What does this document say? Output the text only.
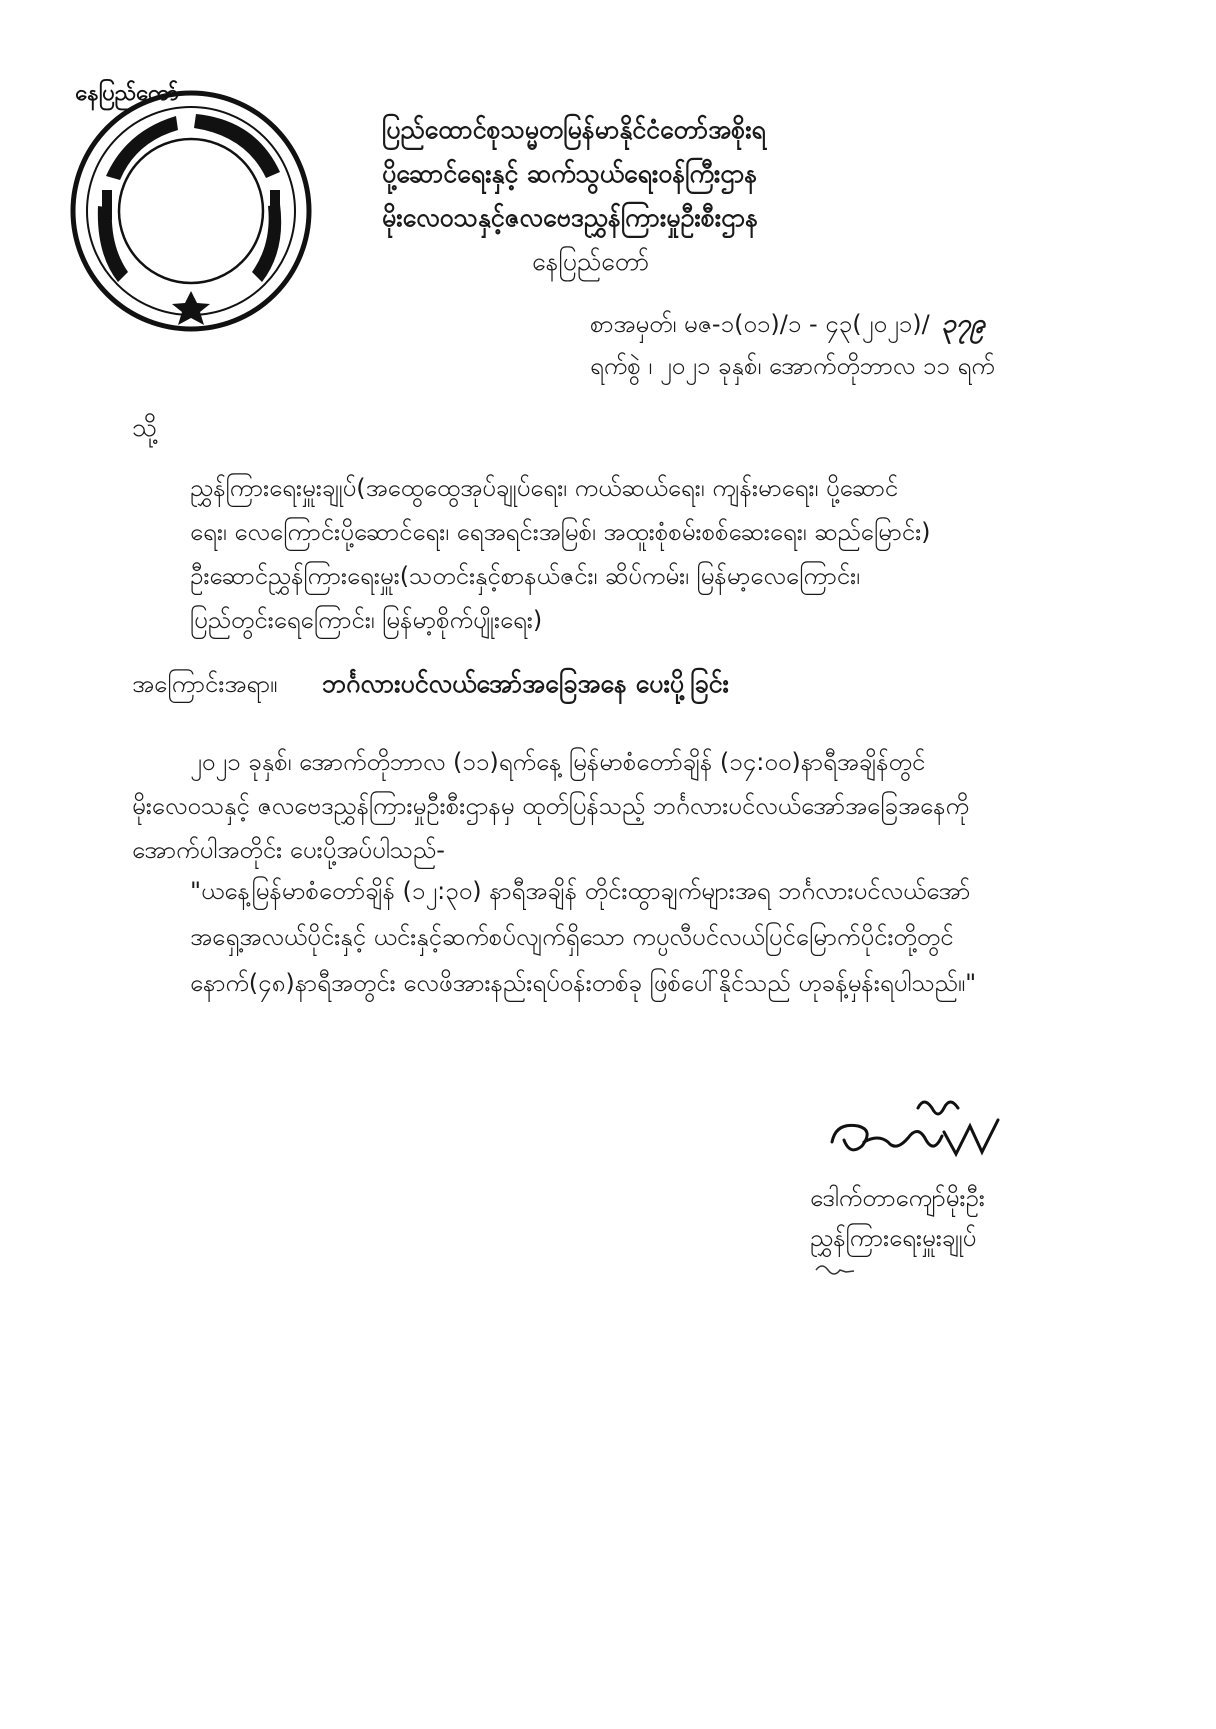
နေပြည်တော်
ပြည်ထောင်စုသမ္မတမြန်မာနိုင်ငံတော်အစိုးရ
ပို့ဆောင်ရေးနှင့် ဆက်သွယ်ရေးဝန်ကြီးဌာန
မိုးလေဝသနှင့်ဇလဗေဒညွှန်ကြားမှုဦးစီးဌာန
နေပြည်တော်
စာအမှတ်၊ မဇ-၁(၀၁)/၁ - ၄၃(၂၀၂၁)/ ၃၇၉
ရက်စွဲ ၊ ၂၀၂၁ ခုနှစ်၊ အောက်တိုဘာလ ၁၁ ရက်
သို့

ညွှန်ကြားရေးမှူးချုပ်(အထွေထွေအုပ်ချုပ်ရေး၊ ကယ်ဆယ်ရေး၊ ကျန်းမာရေး၊ ပို့ဆောင်

ရေး၊ လေကြောင်းပို့ဆောင်ရေး၊ ရေအရင်းအမြစ်၊ အထူးစုံစမ်းစစ်ဆေးရေး၊ ဆည်မြောင်း)

ဦးဆောင်ညွှန်ကြားရေးမှူး(သတင်းနှင့်စာနယ်ဇင်း၊ ဆိပ်ကမ်း၊ မြန်မာ့လေကြောင်း၊

ပြည်တွင်းရေကြောင်း၊ မြန်မာ့စိုက်ပျိုးရေး)

အကြောင်းအရာ။ ဘင်္ဂလားပင်လယ်အော်အခြေအနေ ပေးပို့ခြင်း

၂၀၂၁ ခုနှစ်၊ အောက်တိုဘာလ (၁၁)ရက်နေ့ မြန်မာစံတော်ချိန် (၁၄:၀၀)နာရီအချိန်တွင်

မိုးလေဝသနှင့် ဇလဗေဒညွှန်ကြားမှုဦးစီးဌာနမှ ထုတ်ပြန်သည့် ဘင်္ဂလားပင်လယ်အော်အခြေအနေကို

အောက်ပါအတိုင်း ပေးပို့အပ်ပါသည်-

"ယနေ့မြန်မာစံတော်ချိန် (၁၂:၃၀) နာရီအချိန် တိုင်းထွာချက်များအရ ဘင်္ဂလားပင်လယ်အော်

အရှေ့အလယ်ပိုင်းနှင့် ယင်းနှင့်ဆက်စပ်လျက်ရှိသော ကပ္ပလီပင်လယ်ပြင်မြောက်ပိုင်းတို့တွင်

နောက်(၄၈)နာရီအတွင်း လေဖိအားနည်းရပ်ဝန်းတစ်ခု ဖြစ်ပေါ်နိုင်သည် ဟုခန့်မှန်းရပါသည်။"

ဒေါက်တာကျော်မိုးဦး
ညွှန်ကြားရေးမှူးချုပ်
